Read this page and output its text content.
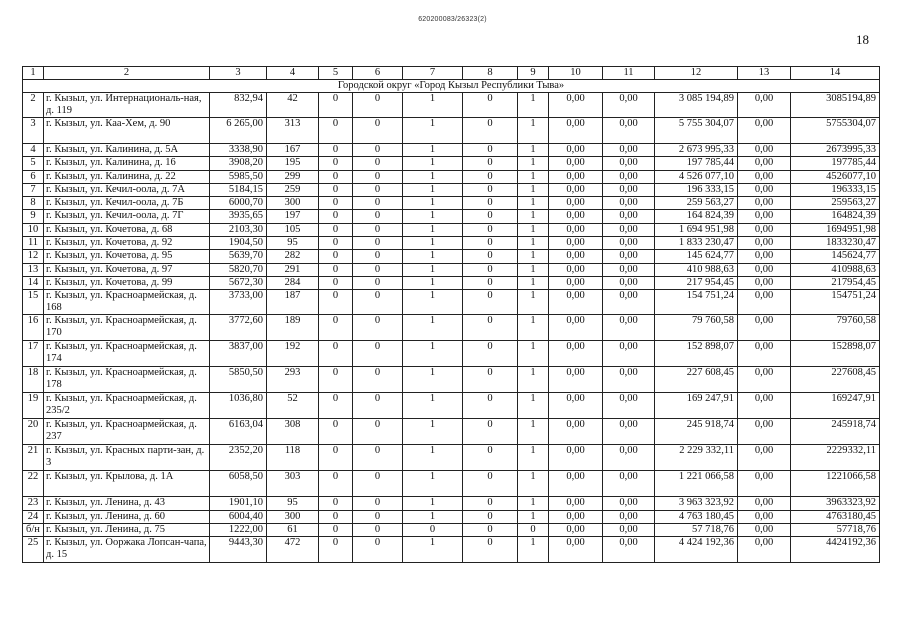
620200083/26323(2)
18
1	2	3	4	5	6	7	8	9	10	11	12	13	14
Городской округ «Город Кызыл Республики Тыва»													
2	г. Кызыл, ул. Интернациональ-ная, д. 119	832,94	42	0	0	1	0	1	0,00	0,00	3 085 194,89	0,00	3085194,89
3	г. Кызыл, ул. Каа-Хем, д. 90	6 265,00	313	0	0	1	0	1	0,00	0,00	5 755 304,07	0,00	5755304,07
4	г. Кызыл, ул. Калинина, д. 5А	3338,90	167	0	0	1	0	1	0,00	0,00	2 673 995,33	0,00	2673995,33
5	г. Кызыл, ул. Калинина, д. 16	3908,20	195	0	0	1	0	1	0,00	0,00	197 785,44	0,00	197785,44
6	г. Кызыл, ул. Калинина, д. 22	5985,50	299	0	0	1	0	1	0,00	0,00	4 526 077,10	0,00	4526077,10
7	г. Кызыл, ул. Кечил-оола, д. 7А	5184,15	259	0	0	1	0	1	0,00	0,00	196 333,15	0,00	196333,15
8	г. Кызыл, ул. Кечил-оола, д. 7Б	6000,70	300	0	0	1	0	1	0,00	0,00	259 563,27	0,00	259563,27
9	г. Кызыл, ул. Кечил-оола, д. 7Г	3935,65	197	0	0	1	0	1	0,00	0,00	164 824,39	0,00	164824,39
10	г. Кызыл, ул. Кочетова, д. 68	2103,30	105	0	0	1	0	1	0,00	0,00	1 694 951,98	0,00	1694951,98
11	г. Кызыл, ул. Кочетова, д. 92	1904,50	95	0	0	1	0	1	0,00	0,00	1 833 230,47	0,00	1833230,47
12	г. Кызыл, ул. Кочетова, д. 95	5639,70	282	0	0	1	0	1	0,00	0,00	145 624,77	0,00	145624,77
13	г. Кызыл, ул. Кочетова, д. 97	5820,70	291	0	0	1	0	1	0,00	0,00	410 988,63	0,00	410988,63
14	г. Кызыл, ул. Кочетова, д. 99	5672,30	284	0	0	1	0	1	0,00	0,00	217 954,45	0,00	217954,45
15	г. Кызыл, ул. Красноармейская, д. 168	3733,00	187	0	0	1	0	1	0,00	0,00	154 751,24	0,00	154751,24
16	г. Кызыл, ул. Красноармейская, д. 170	3772,60	189	0	0	1	0	1	0,00	0,00	79 760,58	0,00	79760,58
17	г. Кызыл, ул. Красноармейская, д. 174	3837,00	192	0	0	1	0	1	0,00	0,00	152 898,07	0,00	152898,07
18	г. Кызыл, ул. Красноармейская, д. 178	5850,50	293	0	0	1	0	1	0,00	0,00	227 608,45	0,00	227608,45
19	г. Кызыл, ул. Красноармейская, д. 235/2	1036,80	52	0	0	1	0	1	0,00	0,00	169 247,91	0,00	169247,91
20	г. Кызыл, ул. Красноармейская, д. 237	6163,04	308	0	0	1	0	1	0,00	0,00	245 918,74	0,00	245918,74
21	г. Кызыл, ул. Красных парти-зан, д. 3	2352,20	118	0	0	1	0	1	0,00	0,00	2 229 332,11	0,00	2229332,11
22	г. Кызыл, ул. Крылова, д. 1А	6058,50	303	0	0	1	0	1	0,00	0,00	1 221 066,58	0,00	1221066,58
23	г. Кызыл, ул. Ленина, д. 43	1901,10	95	0	0	1	0	1	0,00	0,00	3 963 323,92	0,00	3963323,92
24	г. Кызыл, ул. Ленина, д. 60	6004,40	300	0	0	1	0	1	0,00	0,00	4 763 180,45	0,00	4763180,45
б/н	г. Кызыл, ул. Ленина, д. 75	1222,00	61	0	0	0	0	0	0,00	0,00	57 718,76	0,00	57718,76
25	г. Кызыл, ул. Ооржака Лопсан-чапа, д. 15	9443,30	472	0	0	1	0	1	0,00	0,00	4 424 192,36	0,00	4424192,36
